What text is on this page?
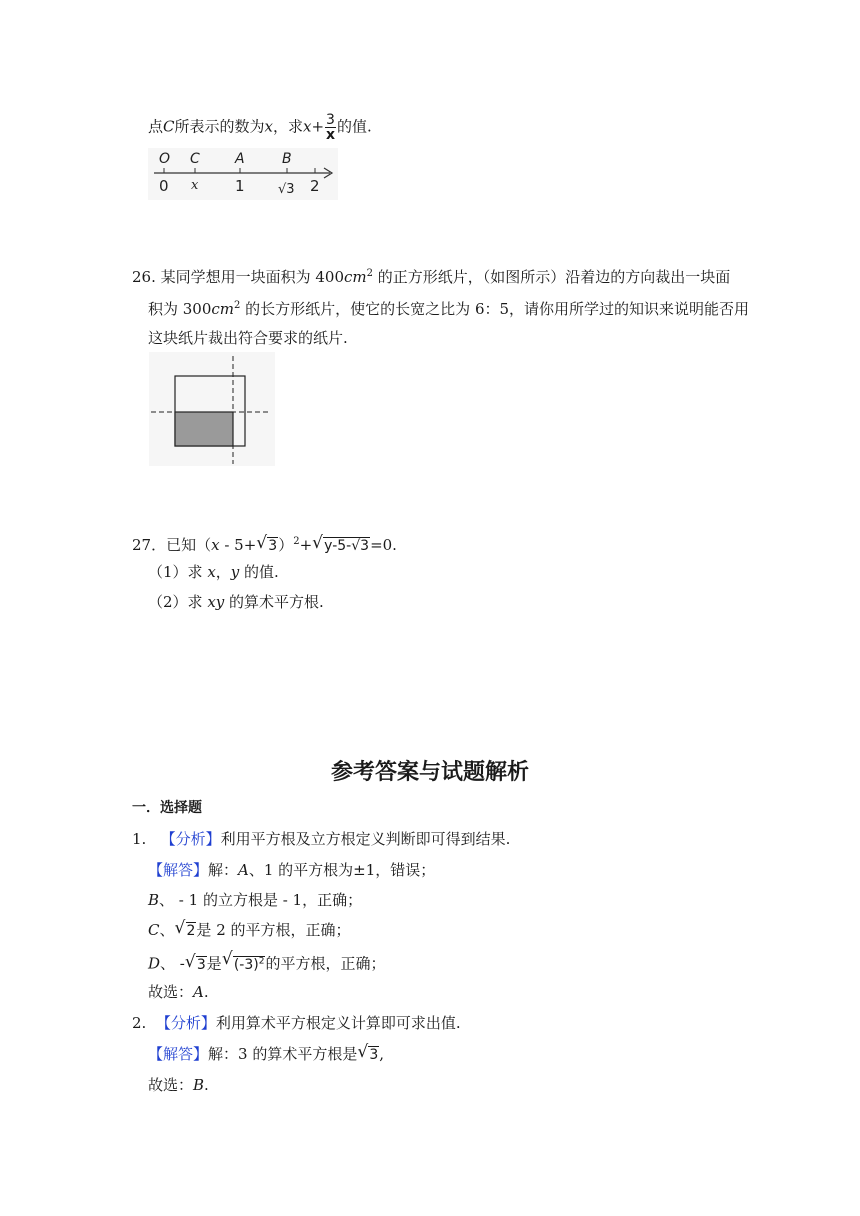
点C所表示的数为x，求$x+ \frac{3}{x}$ 的值.
O C	A	B
0 x 1	√3 2
26. 某同学想用一块面积为 $400cm^2$ 的正方形纸片，（如图所示）沿着边的方向裁出一块面
积为 $300cm^2$ 的长方形纸片，使它的长宽之比为 6：5，请你用所学过的知识来说明能否用
这块纸片裁出符合要求的纸片.
27．已知（x - 5+ √ 3）$^2$+ √ y-5-√3=0.
（1）求 x，y 的值.
（2）求 xy 的算术平方根.
参考答案与试题解析
一．选择题
1. 【分析】利用平方根及立方根定义判断即可得到结果.
【解答】解：A、1 的平方根为±1，错误；
B、 - 1 的立方根是 - 1，正确；
C、 √ 2是 2 的平方根，正确；
D、 - √ 3是 √ $(-3)^2$的平方根，正确；
故选：A.
2. 【分析】利用算术平方根定义计算即可求出值.
【解答】解：3 的算术平方根是 √ 3,
故选：B.
